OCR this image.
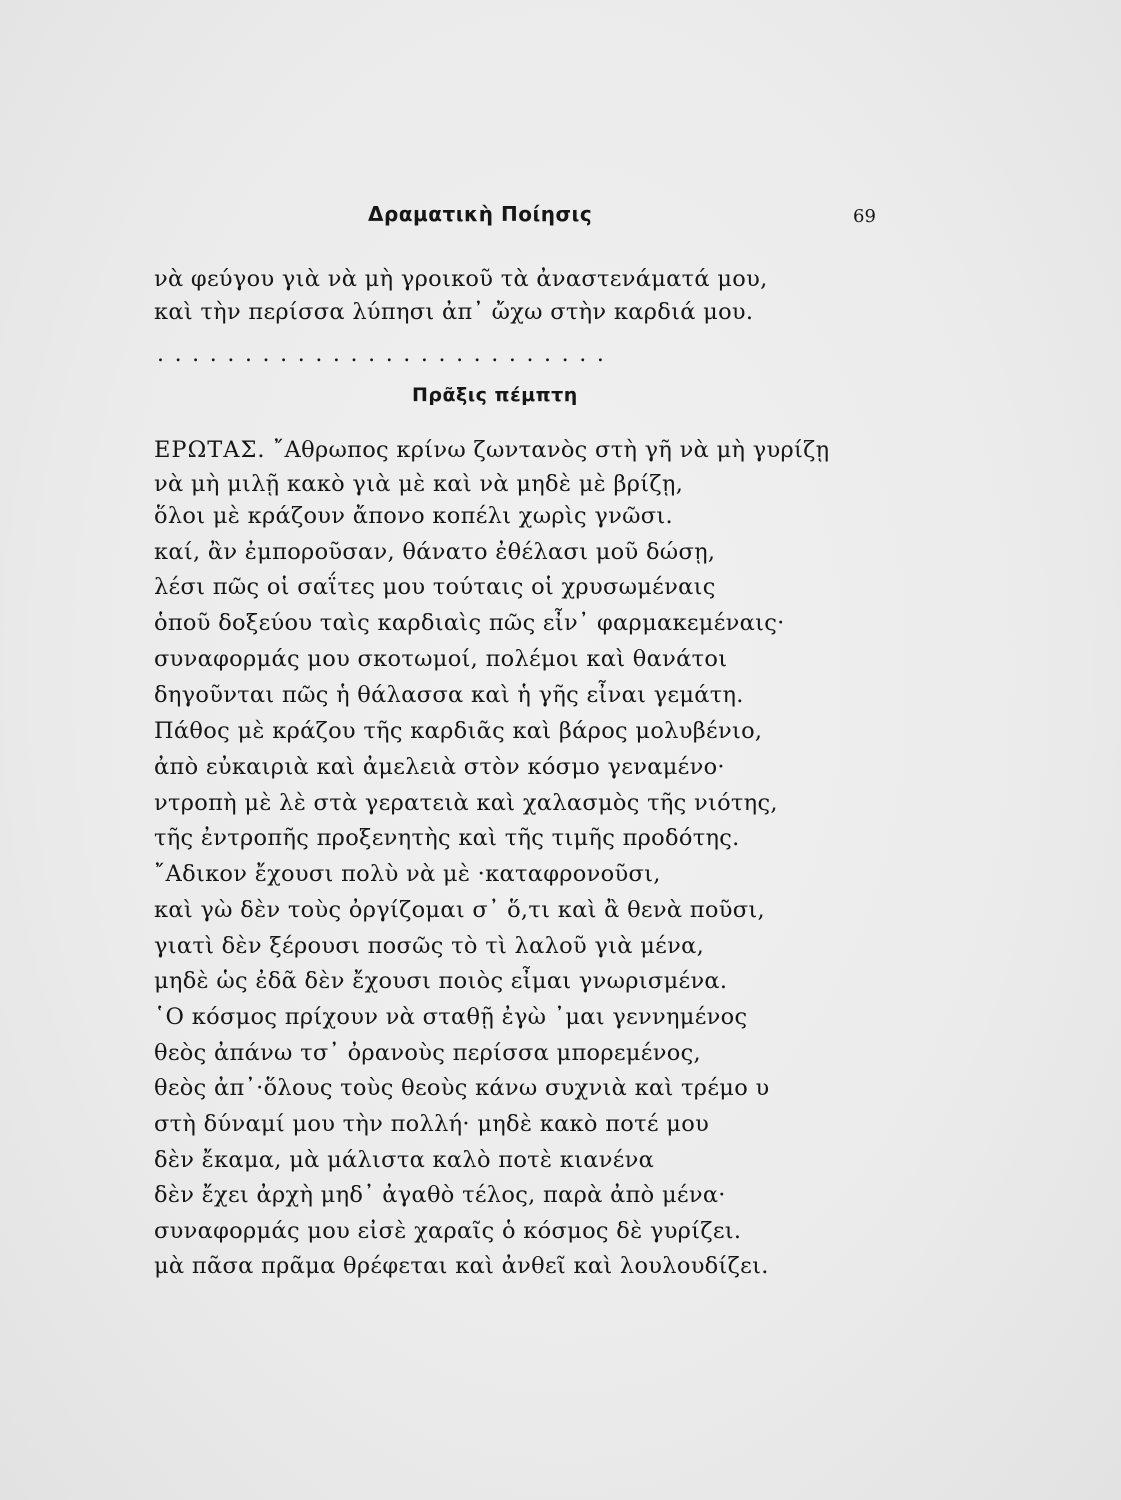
Δραματικὴ Ποίησις	69
νὰ φεύγου γιὰ νὰ μὴ γροικοῦ τὰ ἀναστενάματά μου,
καὶ τὴν περίσσα λύπησι ἀπ᾿ ὤχω στὴν καρδιά μου.
..........................
Πρᾶξις πέμπτη
ΕΡΩΤΑΣ. ῎Αθρωπος κρίνω ζωντανὸς στὴ γῆ νὰ μὴ γυρίζῃ
νὰ μὴ μιλῇ κακὸ γιὰ μὲ καὶ νὰ μηδὲ μὲ βρίζῃ,
ὅλοι μὲ κράζουν ἄπονο κοπέλι χωρὶς γνῶσι.
καί, ἂν ἐμποροῦσαν, θάνατο ἐθέλασι μοῦ δώσῃ,
λέσι πῶς οἱ σαΐτες μου τούταις οἱ χρυσωμέναις
ὁποῦ δοξεύου ταὶς καρδιαὶς πῶς εἶν᾿ φαρμακεμέναις·
συναφορμάς μου σκοτωμοί, πολέμοι καὶ θανάτοι
δηγοῦνται πῶς ἡ θάλασσα καὶ ἡ γῆς εἶναι γεμάτη.
Πάθος μὲ κράζου τῆς καρδιᾶς καὶ βάρος μολυβένιο,
ἀπὸ εὐκαιριὰ καὶ ἀμελειὰ στὸν κόσμο γεναμένο·
ντροπὴ μὲ λὲ στὰ γερατειὰ καὶ χαλασμὸς τῆς νιότης,
τῆς ἐντροπῆς προξενητὴς καὶ τῆς τιμῆς προδότης.
῎Αδικον ἔχουσι πολὺ νὰ μὲ ·καταφρονοῦσι,
καὶ γὼ δὲν τοὺς ὀργίζομαι σ᾿ ὅ,τι καὶ ἂ θενὰ ποῦσι,
γιατὶ δὲν ξέρουσι ποσῶς τὸ τὶ λαλοῦ γιὰ μένα,
μηδὲ ὡς ἐδᾶ δὲν ἔχουσι ποιὸς εἶμαι γνωρισμένα.
῾Ο κόσμος πρίχουν νὰ σταθῇ ἐγὼ ᾿μαι γεννημένος
θεὸς ἀπάνω τσ᾿ ὀρανοὺς περίσσα μπορεμένος,
θεὸς ἀπ᾿·ὅλους τοὺς θεοὺς κάνω συχνιὰ καὶ τρέμο υ
στὴ δύναμί μου τὴν πολλή· μηδὲ κακὸ ποτέ μου
δὲν ἔκαμα, μὰ μάλιστα καλὸ ποτὲ κιανένα
δὲν ἔχει ἀρχὴ μηδ᾿ ἀγαθὸ τέλος, παρὰ ἀπὸ μένα·
συναφορμάς μου εἰσὲ χαραῖς ὁ κόσμος δὲ γυρίζει.
μὰ πᾶσα πρᾶμα θρέφεται καὶ ἀνθεῖ καὶ λουλουδίζει.
